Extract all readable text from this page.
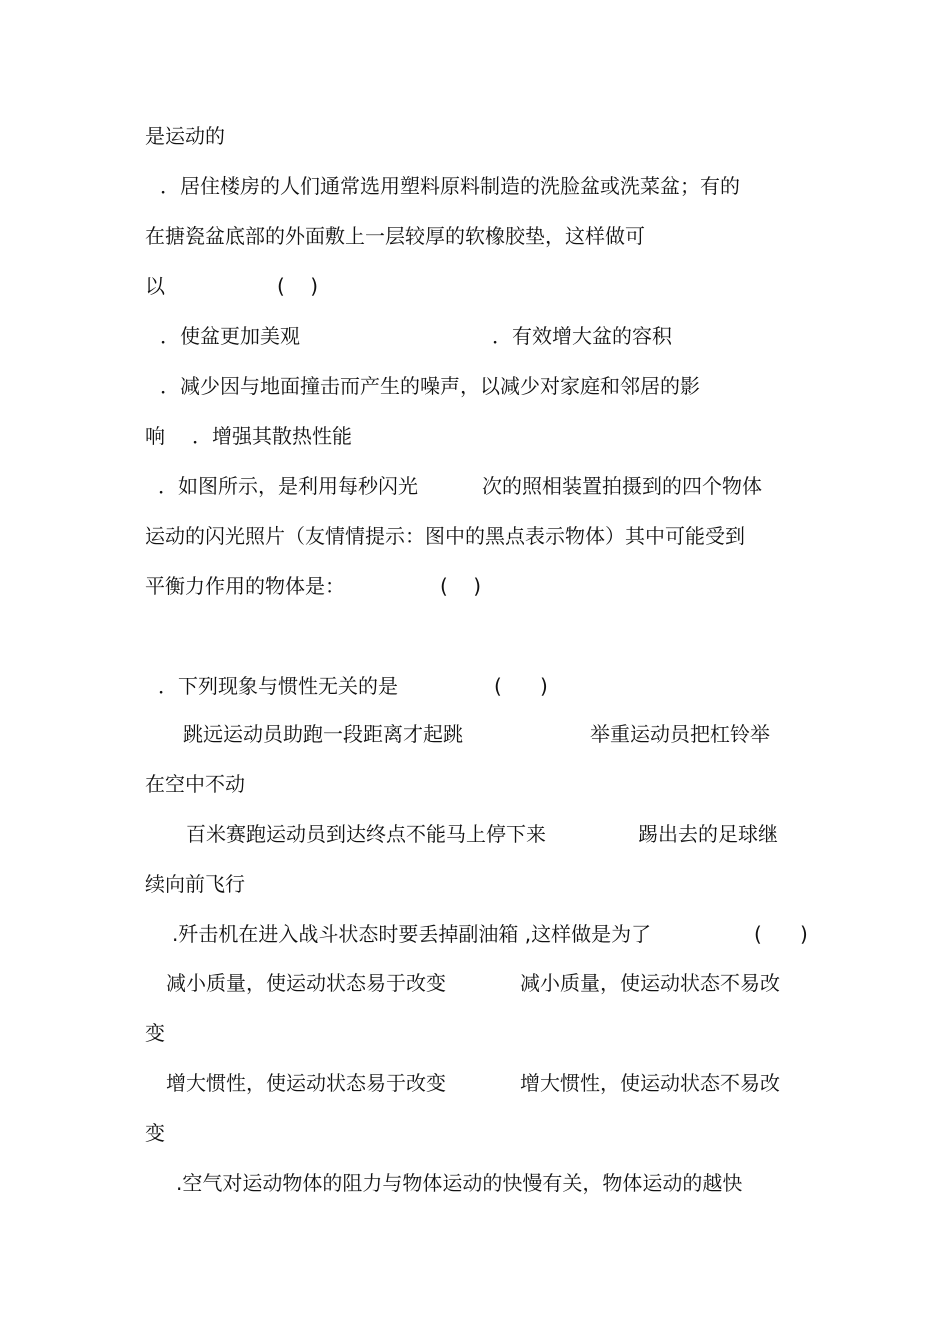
是运动的
．居住楼房的人们通常选用塑料原料制造的洗脸盆或洗菜盆；有的
在搪瓷盆底部的外面敷上一层较厚的软橡胶垫，这样做可
以	(    )
．使盆更加美观	．有效增大盆的容积
．减少因与地面撞击而产生的噪声，以减少对家庭和邻居的影
响 ．增强其散热性能
．如图所示，是利用每秒闪光	次的照相装置拍摄到的四个物体
运动的闪光照片（友情情提示：图中的黑点表示物体）其中可能受到
平衡力作用的物体是：	(    )
．下列现象与惯性无关的是	(      )
跳远运动员助跑一段距离才起跳	举重运动员把杠铃举
在空中不动
百米赛跑运动员到达终点不能马上停下来	踢出去的足球继
续向前飞行
.歼击机在进入战斗状态时要丢掉副油箱 ,这样做是为了	(      )
减小质量，使运动状态易于改变	减小质量，使运动状态不易改
变
增大惯性，使运动状态易于改变	增大惯性，使运动状态不易改
变
.空气对运动物体的阻力与物体运动的快慢有关，物体运动的越快
